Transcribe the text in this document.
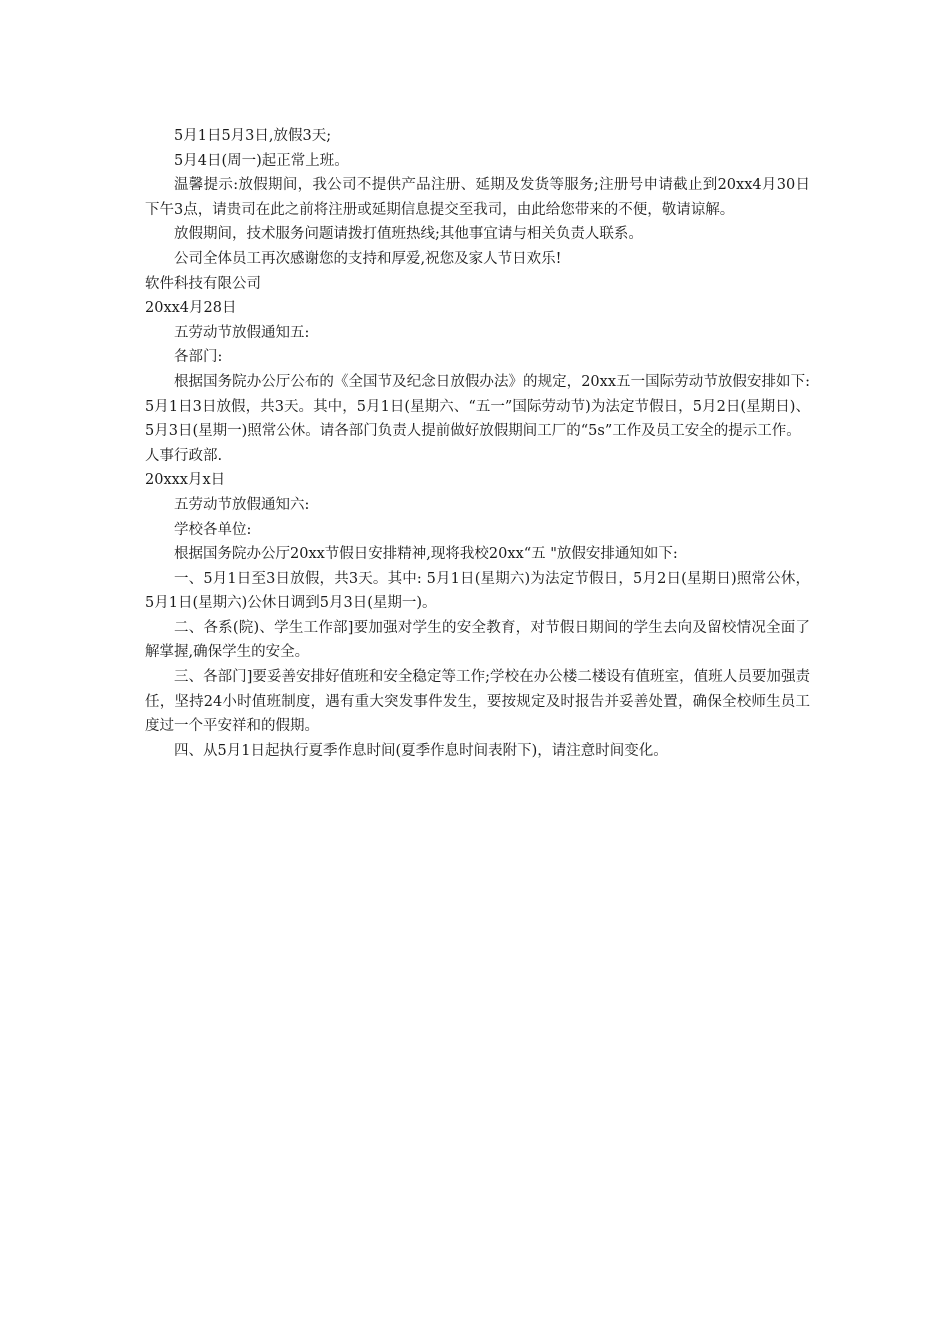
5月1日5月3日,放假3天;

5月4日(周一)起正常上班。

温馨提示:放假期间，我公司不提供产品注册、延期及发货等服务;注册号申请截止到20xx4月30日下午3点，请贵司在此之前将注册或延期信息提交至我司，由此给您带来的不便，敬请谅解。

放假期间，技术服务问题请拨打值班热线;其他事宜请与相关负责人联系。

公司全体员工再次感谢您的支持和厚爱,祝您及家人节日欢乐!

软件科技有限公司

20xx4月28日

五劳动节放假通知五:

各部门:

根据国务院办公厅公布的《全国节及纪念日放假办法》的规定，20xx五一国际劳动节放假安排如下: 5月1日3日放假，共3天。其中，5月1日(星期六、“五一”国际劳动节)为法定节假日，5月2日(星期日)、5月3日(星期一)照常公休。请各部门负责人提前做好放假期间工厂的“5s”工作及员工安全的提示工作。

人事行政部.

20xxx月x日

五劳动节放假通知六:

学校各单位:

根据国务院办公厅20xx节假日安排精神,现将我校20xx“五 "放假安排通知如下:

一、5月1日至3日放假，共3天。其中: 5月1日(星期六)为法定节假日，5月2日(星期日)照常公休，5月1日(星期六)公休日调到5月3日(星期一)。

二、各系(院)、学生工作部]要加强对学生的安全教育，对节假日期间的学生去向及留校情况全面了解掌握,确保学生的安全。

三、各部门]要妥善安排好值班和安全稳定等工作;学校在办公楼二楼设有值班室，值班人员要加强责任，坚持24小时值班制度，遇有重大突发事件发生，要按规定及时报告并妥善处置，确保全校师生员工度过一个平安祥和的假期。

四、从5月1日起执行夏季作息时间(夏季作息时间表附下)，请注意时间变化。
